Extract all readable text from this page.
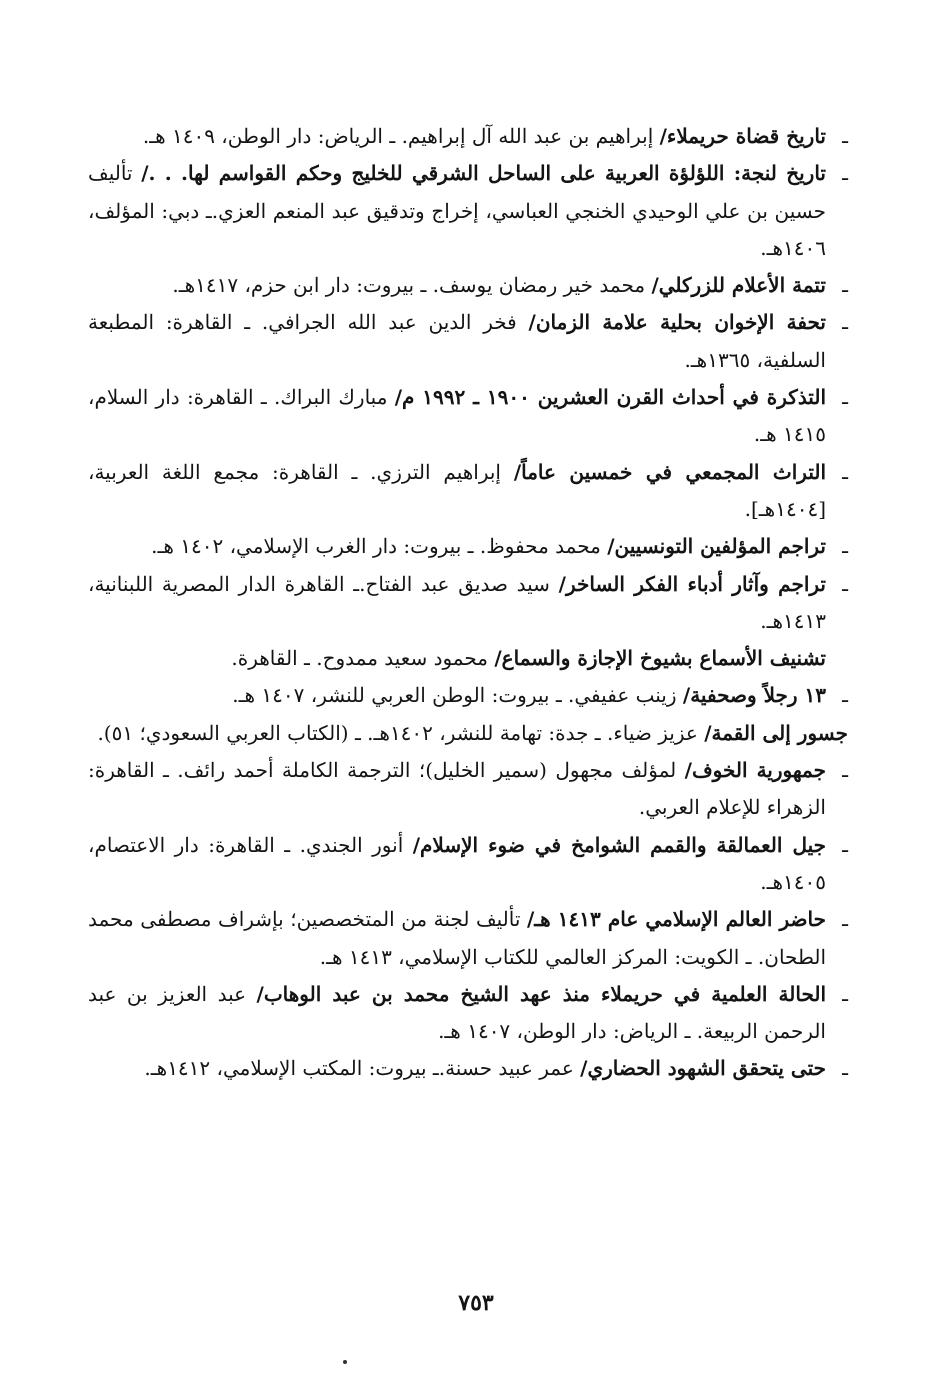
ـ
تاريخ قضاة حريملاء/ إبراهيم بن عبد الله آل إبراهيم. ـ الرياض: دار الوطن، ١٤٠٩ هـ.
ـ
تاريخ لنجة: اللؤلؤة العربية على الساحل الشرقي للخليج وحكم القواسم لها. . ./ تأليف حسين بن علي الوحيدي الخنجي العباسي، إخراج وتدقيق عبد المنعم العزي.ـ دبي: المؤلف، ١٤٠٦هـ.
ـ
تتمة الأعلام للزركلي/ محمد خير رمضان يوسف. ـ بيروت: دار ابن حزم، ١٤١٧هـ.
ـ
تحفة الإخوان بحلية علامة الزمان/ فخر الدين عبد الله الجرافي. ـ القاهرة: المطبعة السلفية، ١٣٦٥هـ.
ـ
التذكرة في أحداث القرن العشرين ١٩٠٠ ـ ١٩٩٢ م/ مبارك البراك. ـ القاهرة: دار السلام، ١٤١٥ هـ.
ـ
التراث المجمعي في خمسين عاماً/ إبراهيم الترزي. ـ القاهرة: مجمع اللغة العربية، [١٤٠٤هـ].
ـ
تراجم المؤلفين التونسيين/ محمد محفوظ. ـ بيروت: دار الغرب الإسلامي، ١٤٠٢ هـ.
ـ
تراجم وآثار أدباء الفكر الساخر/ سيد صديق عبد الفتاح.ـ القاهرة الدار المصرية اللبنانية، ١٤١٣هـ.
تشنيف الأسماع بشيوخ الإجازة والسماع/ محمود سعيد ممدوح. ـ القاهرة.
ـ
١٣ رجلاً وصحفية/ زينب عفيفي. ـ بيروت: الوطن العربي للنشر، ١٤٠٧ هـ.
جسور إلى القمة/ عزيز ضياء. ـ جدة: تهامة للنشر، ١٤٠٢هـ. ـ (الكتاب العربي السعودي؛ ٥١).
ـ
جمهورية الخوف/ لمؤلف مجهول (سمير الخليل)؛ الترجمة الكاملة أحمد رائف. ـ القاهرة: الزهراء للإعلام العربي.
ـ
جيل العمالقة والقمم الشوامخ في ضوء الإسلام/ أنور الجندي. ـ القاهرة: دار الاعتصام، ١٤٠٥هـ.
ـ
حاضر العالم الإسلامي عام ١٤١٣ هـ/ تأليف لجنة من المتخصصين؛ بإشراف مصطفى محمد الطحان. ـ الكويت: المركز العالمي للكتاب الإسلامي، ١٤١٣ هـ.
ـ
الحالة العلمية في حريملاء منذ عهد الشيخ محمد بن عبد الوهاب/ عبد العزيز بن عبد الرحمن الربيعة. ـ الرياض: دار الوطن، ١٤٠٧ هـ.
ـ
حتى يتحقق الشهود الحضاري/ عمر عبيد حسنة.ـ بيروت: المكتب الإسلامي، ١٤١٢هـ.
٧٥٣
